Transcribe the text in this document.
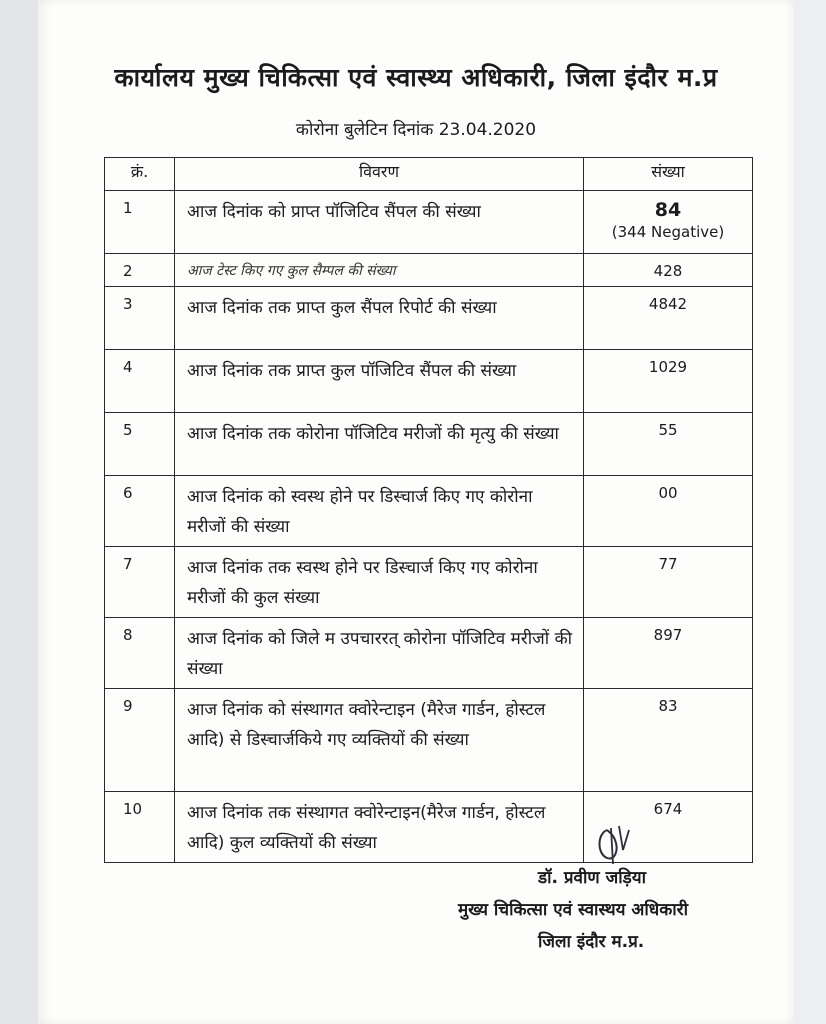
कार्यालय मुख्य चिकित्सा एवं स्वास्थ्य अधिकारी, जिला इंदौर म.प्र
कोरोना बुलेटिन दिनांक 23.04.2020
क्रं.	विवरण	संख्या
1	आज दिनांक को प्राप्त पॉजिटिव सैंपल की संख्या	84
(344 Negative)

2	आज टेस्ट किए गए कुल सैम्पल की संख्या	428
3	आज दिनांक तक प्राप्त कुल सैंपल रिपोर्ट की संख्या	4842
4	आज दिनांक तक प्राप्त कुल पॉजिटिव सैंपल की संख्या	1029
5	आज दिनांक तक कोरोना पॉजिटिव मरीजों की मृत्यु की संख्या	55
6	आज दिनांक को स्वस्थ होने पर डिस्चार्ज किए गए कोरोना मरीजों की संख्या	00
7	आज दिनांक तक स्वस्थ होने पर डिस्चार्ज किए गए कोरोना मरीजों की कुल संख्या	77
8	आज दिनांक को जिले म उपचाररत् कोरोना पॉजिटिव मरीजों की संख्या	897
9	आज दिनांक को संस्थागत क्वोरेन्टाइन (मैरेज गार्डन, होस्टल आदि) से डिस्चार्जकिये गए व्यक्तियों की संख्या	83
10	आज दिनांक तक संस्थागत क्वोरेन्टाइन(मैरेज गार्डन, होस्टल आदि) कुल व्यक्तियों की संख्या	674
डॉ. प्रवीण जड़िया
मुख्य चिकित्सा एवं स्वास्थय अधिकारी
जिला इंदौर म.प्र.
